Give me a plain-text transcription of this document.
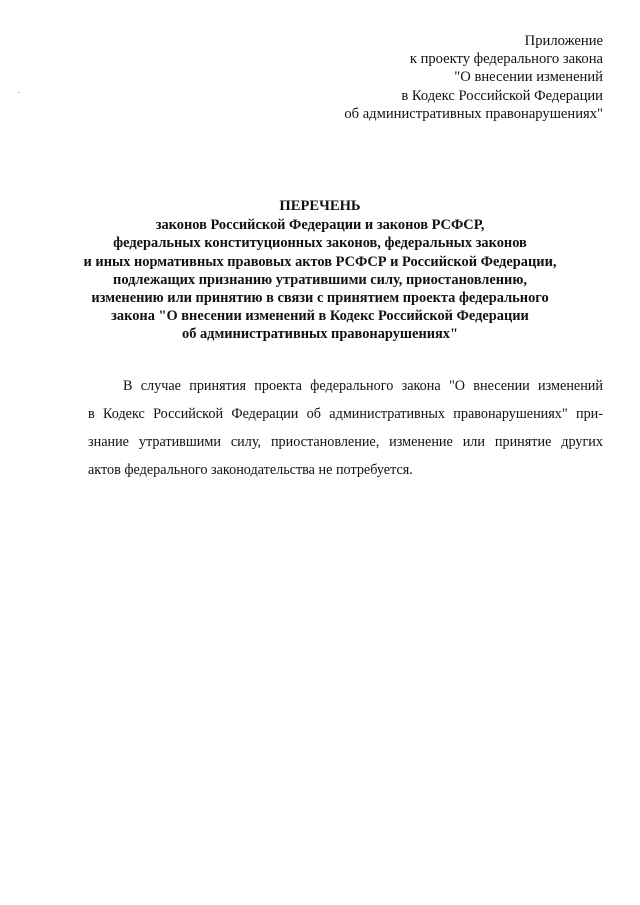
Приложение
к проекту федерального закона
"О внесении изменений
в Кодекс Российской Федерации
об административных правонарушениях"
ПЕРЕЧЕНЬ
законов Российской Федерации и законов РСФСР,
федеральных конституционных законов, федеральных законов
и иных нормативных правовых актов РСФСР и Российской Федерации,
подлежащих признанию утратившими силу, приостановлению,
изменению или принятию в связи с принятием проекта федерального
закона "О внесении изменений в Кодекс Российской Федерации
об административных правонарушениях"
В случае принятия проекта федерального закона "О внесении изменений
в Кодекс Российской Федерации об административных правонарушениях" при-
знание утратившими силу, приостановление, изменение или принятие других
актов федерального законодательства не потребуется.
